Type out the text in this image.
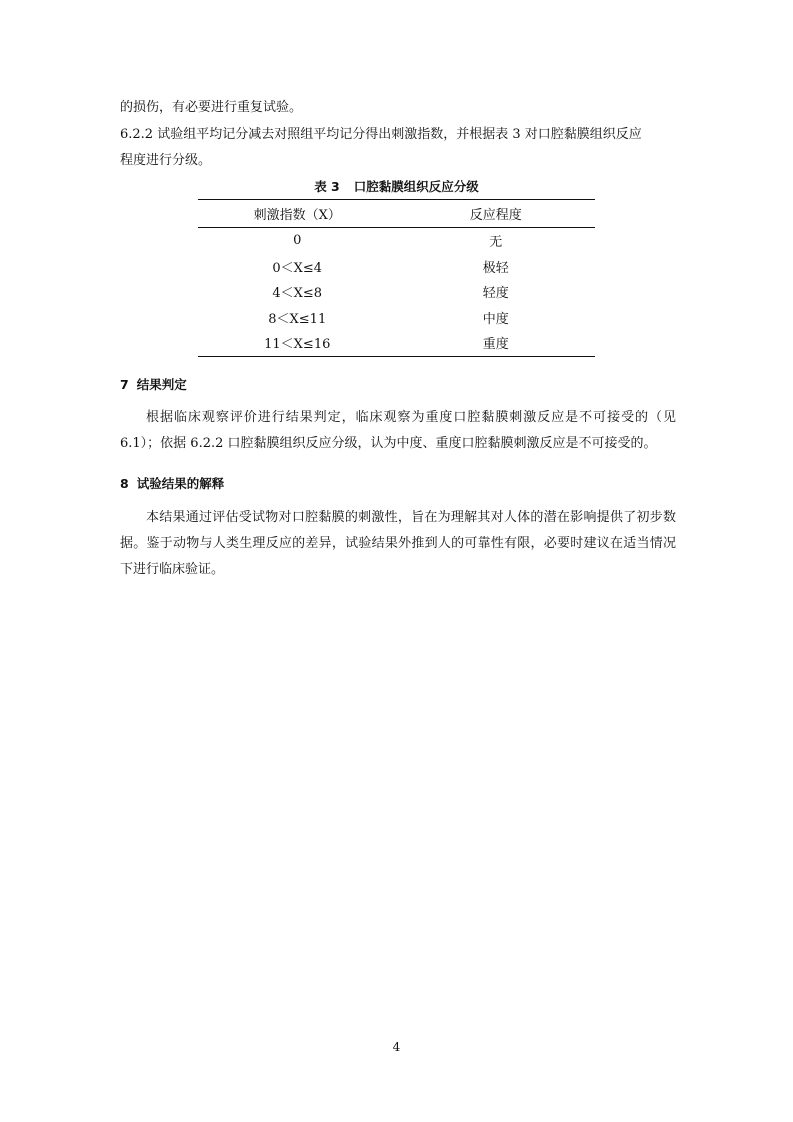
的损伤，有必要进行重复试验。
6.2.2 试验组平均记分减去对照组平均记分得出刺激指数，并根据表 3 对口腔黏膜组织反应
程度进行分级。
表 3 口腔黏膜组织反应分级
刺激指数（X）	反应程度
0	无
0＜X≤4	极轻
4＜X≤8	轻度
8＜X≤11	中度
11＜X≤16	重度
7 结果判定
根据临床观察评价进行结果判定，临床观察为重度口腔黏膜刺激反应是不可接受的（见 6.1）；依据 6.2.2 口腔黏膜组织反应分级，认为中度、重度口腔黏膜刺激反应是不可接受的。
8 试验结果的解释
本结果通过评估受试物对口腔黏膜的刺激性，旨在为理解其对人体的潜在影响提供了初步数据。鉴于动物与人类生理反应的差异，试验结果外推到人的可靠性有限，必要时建议在适当情况下进行临床验证。
4
